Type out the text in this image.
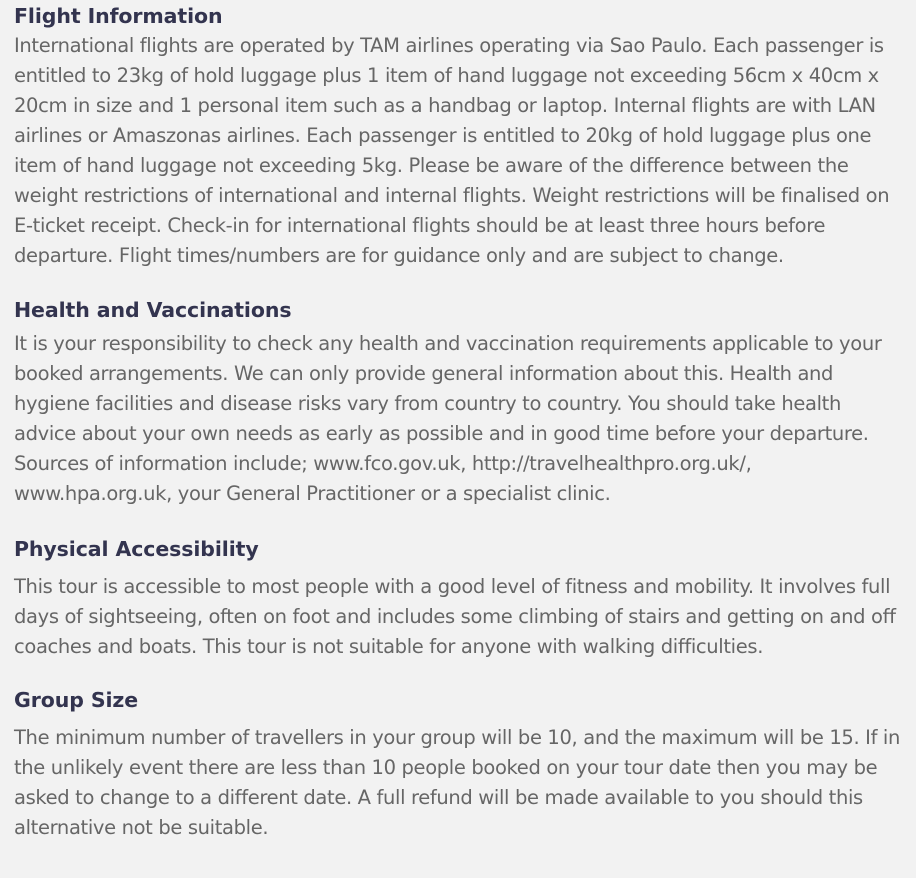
Flight Information

International flights are operated by TAM airlines operating via Sao Paulo. Each passenger is entitled to 23kg of hold luggage plus 1 item of hand luggage not exceeding 56cm x 40cm x 20cm in size and 1 personal item such as a handbag or laptop. Internal flights are with LAN airlines or Amaszonas airlines. Each passenger is entitled to 20kg of hold luggage plus one item of hand luggage not exceeding 5kg. Please be aware of the difference between the weight restrictions of international and internal flights. Weight restrictions will be finalised on E-ticket receipt. Check-in for international flights should be at least three hours before departure. Flight times/numbers are for guidance only and are subject to change.

Health and Vaccinations

It is your responsibility to check any health and vaccination requirements applicable to your booked arrangements. We can only provide general information about this. Health and hygiene facilities and disease risks vary from country to country. You should take health advice about your own needs as early as possible and in good time before your departure. Sources of information include; www.fco.gov.uk, http://travelhealthpro.org.uk/, www.hpa.org.uk, your General Practitioner or a specialist clinic.

Physical Accessibility

This tour is accessible to most people with a good level of fitness and mobility. It involves full days of sightseeing, often on foot and includes some climbing of stairs and getting on and off coaches and boats. This tour is not suitable for anyone with walking difficulties.

Group Size

The minimum number of travellers in your group will be 10, and the maximum will be 15. If in the unlikely event there are less than 10 people booked on your tour date then you may be asked to change to a different date. A full refund will be made available to you should this alternative not be suitable.
